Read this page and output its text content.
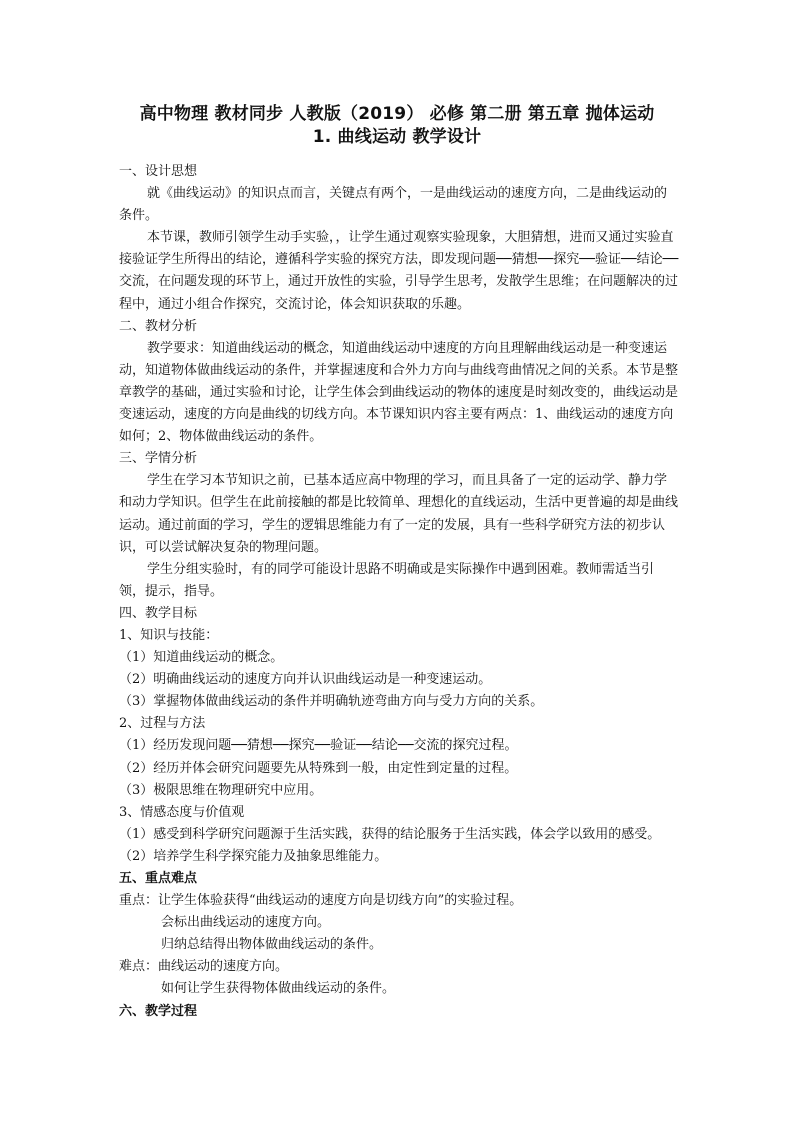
高中物理 教材同步 人教版（2019） 必修 第二册 第五章 抛体运动
1. 曲线运动 教学设计

一、设计思想

就《曲线运动》的知识点而言，关键点有两个，一是曲线运动的速度方向，二是曲线运动的条件。

本节课，教师引领学生动手实验，，让学生通过观察实验现象，大胆猜想，进而又通过实验直接验证学生所得出的结论，遵循科学实验的探究方法，即发现问题──猜想──探究──验证──结论──交流，在问题发现的环节上，通过开放性的实验，引导学生思考，发散学生思维；在问题解决的过程中，通过小组合作探究，交流讨论，体会知识获取的乐趣。

二、教材分析

教学要求：知道曲线运动的概念，知道曲线运动中速度的方向且理解曲线运动是一种变速运动，知道物体做曲线运动的条件，并掌握速度和合外力方向与曲线弯曲情况之间的关系。本节是整章教学的基础，通过实验和讨论，让学生体会到曲线运动的物体的速度是时刻改变的，曲线运动是变速运动，速度的方向是曲线的切线方向。本节课知识内容主要有两点：1、曲线运动的速度方向如何；2、物体做曲线运动的条件。

三、学情分析

学生在学习本节知识之前，已基本适应高中物理的学习，而且具备了一定的运动学、静力学和动力学知识。但学生在此前接触的都是比较简单、理想化的直线运动，生活中更普遍的却是曲线运动。通过前面的学习，学生的逻辑思维能力有了一定的发展，具有一些科学研究方法的初步认识，可以尝试解决复杂的物理问题。

学生分组实验时，有的同学可能设计思路不明确或是实际操作中遇到困难。教师需适当引领，提示，指导。

四、教学目标

1、知识与技能：

（1）知道曲线运动的概念。

（2）明确曲线运动的速度方向并认识曲线运动是一种变速运动。

（3）掌握物体做曲线运动的条件并明确轨迹弯曲方向与受力方向的关系。

2、过程与方法

（1）经历发现问题──猜想──探究──验证──结论──交流的探究过程。

（2）经历并体会研究问题要先从特殊到一般，由定性到定量的过程。

（3）极限思维在物理研究中应用。

3、情感态度与价值观

（1）感受到科学研究问题源于生活实践，获得的结论服务于生活实践，体会学以致用的感受。

（2）培养学生科学探究能力及抽象思维能力。

五、重点难点

重点：让学生体验获得“曲线运动的速度方向是切线方向”的实验过程。

会标出曲线运动的速度方向。

归纳总结得出物体做曲线运动的条件。

难点：曲线运动的速度方向。

如何让学生获得物体做曲线运动的条件。

六、教学过程
